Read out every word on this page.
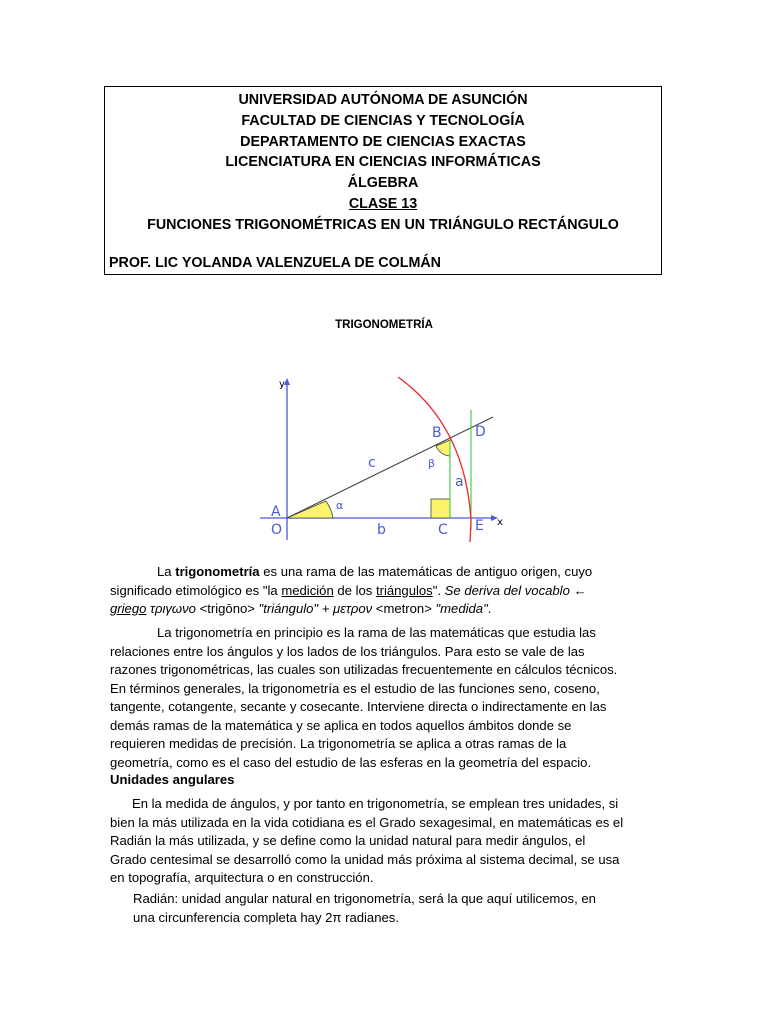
UNIVERSIDAD AUTÓNOMA DE ASUNCIÓN
FACULTAD DE CIENCIAS Y TECNOLOGÍA
DEPARTAMENTO DE CIENCIAS EXACTAS
LICENCIATURA EN CIENCIAS INFORMÁTICAS
ÁLGEBRA
CLASE 13
FUNCIONES TRIGONOMÉTRICAS EN UN TRIÁNGULO RECTÁNGULO
PROF. LIC YOLANDA VALENZUELA DE COLMÁN
TRIGONOMETRÍA
y
x
A
O
B
C
D
E
a
b
c
α
β
La trigonometría es una rama de las matemáticas de antiguo origen, cuyo
significado etimológico es "la medición de los triángulos". Se deriva del vocablo ←
griego τριγωνο <trigōno> "triángulo" + μετρον <metron> "medida".
La trigonometría en principio es la rama de las matemáticas que estudia las
relaciones entre los ángulos y los lados de los triángulos. Para esto se vale de las
razones trigonométricas, las cuales son utilizadas frecuentemente en cálculos técnicos.
En términos generales, la trigonometría es el estudio de las funciones seno, coseno,
tangente, cotangente, secante y cosecante. Interviene directa o indirectamente en las
demás ramas de la matemática y se aplica en todos aquellos ámbitos donde se
requieren medidas de precisión. La trigonometría se aplica a otras ramas de la
geometría, como es el caso del estudio de las esferas en la geometría del espacio.
Unidades angulares
En la medida de ángulos, y por tanto en trigonometría, se emplean tres unidades, si
bien la más utilizada en la vida cotidiana es el Grado sexagesimal, en matemáticas es el
Radián la más utilizada, y se define como la unidad natural para medir ángulos, el
Grado centesimal se desarrolló como la unidad más próxima al sistema decimal, se usa
en topografía, arquitectura o en construcción.
Radián: unidad angular natural en trigonometría, será la que aquí utilicemos, en
una circunferencia completa hay 2π radianes.
